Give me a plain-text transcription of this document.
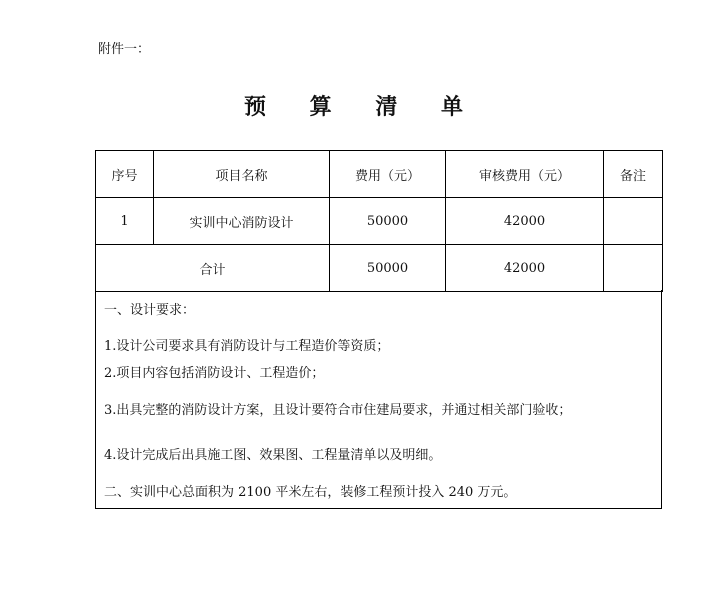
附件一：
预 算 清 单
序号	项目名称	费用（元）	审核费用（元）	备注
1	实训中心消防设计	50000	42000	
合计		50000	42000	
一、设计要求：
1.设计公司要求具有消防设计与工程造价等资质；
2.项目内容包括消防设计、工程造价；
3.出具完整的消防设计方案，且设计要符合市住建局要求，并通过相关部门验收；
4.设计完成后出具施工图、效果图、工程量清单以及明细。
二、实训中心总面积为 2100 平米左右，装修工程预计投入 240 万元。
